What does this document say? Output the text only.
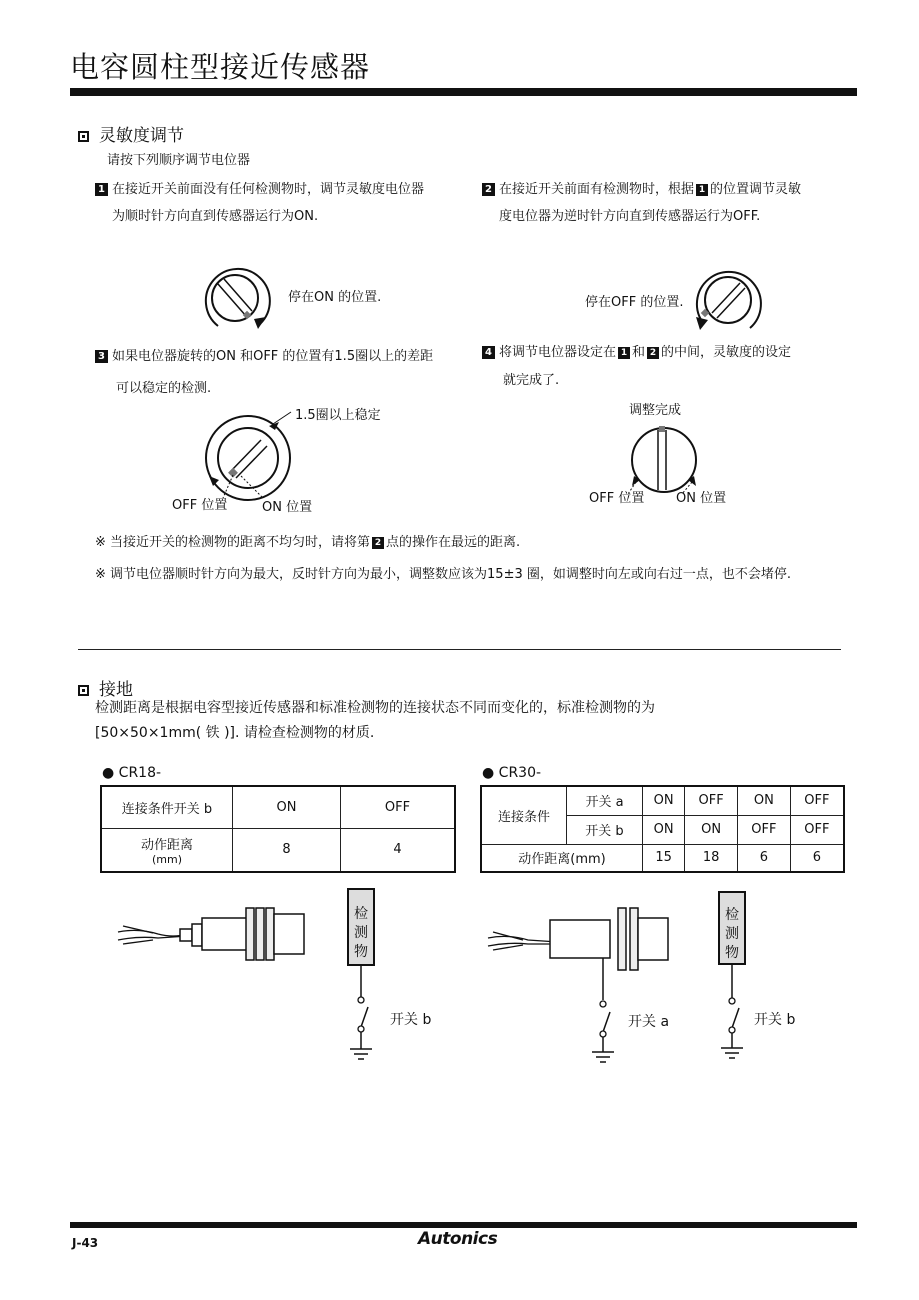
电容圆柱型接近传感器
灵敏度调节
请按下列顺序调节电位器
1 在接近开关前面没有任何检测物时，调节灵敏度电位器
为顺时针方向直到传感器运行为ON.
2 在接近开关前面有检测物时，根据 1 的位置调节灵敏
度电位器为逆时针方向直到传感器运行为OFF.
停在ON 的位置.	停在OFF 的位置.
3 如果电位器旋转的ON 和OFF 的位置有1.5圈以上的差距
可以稳定的检测.
1.5圈以上稳定
OFF 位置	ON 位置
4 将调节电位器设定在 1 和 2 的中间，灵敏度的设定
就完成了.
调整完成
OFF 位置 ON 位置
※ 当接近开关的检测物的距离不均匀时，请将第 2 点的操作在最远的距离.
※ 调节电位器顺时针方向为最大，反时针方向为最小，调整数应该为15±3 圈，如调整时向左或向右过一点，也不会堵停.
接地
检测距离是根据电容型接近传感器和标准检测物的连接状态不同而变化的，标准检测物的为
[50×50×1mm( 铁 )]. 请检查检测物的材质.
● CR18-
连接条件开关 b	ON	OFF

动作距离
(mm)	8	4
● CR30-
连接条件	开关 a	ON	OFF	ON	OFF
	开关 b	ON	ON	OFF	OFF
动作距离(mm)		15	18	6	6
检
测
物
开关 b	开关 a
检
测
物
开关 b
J-43	Autonics
